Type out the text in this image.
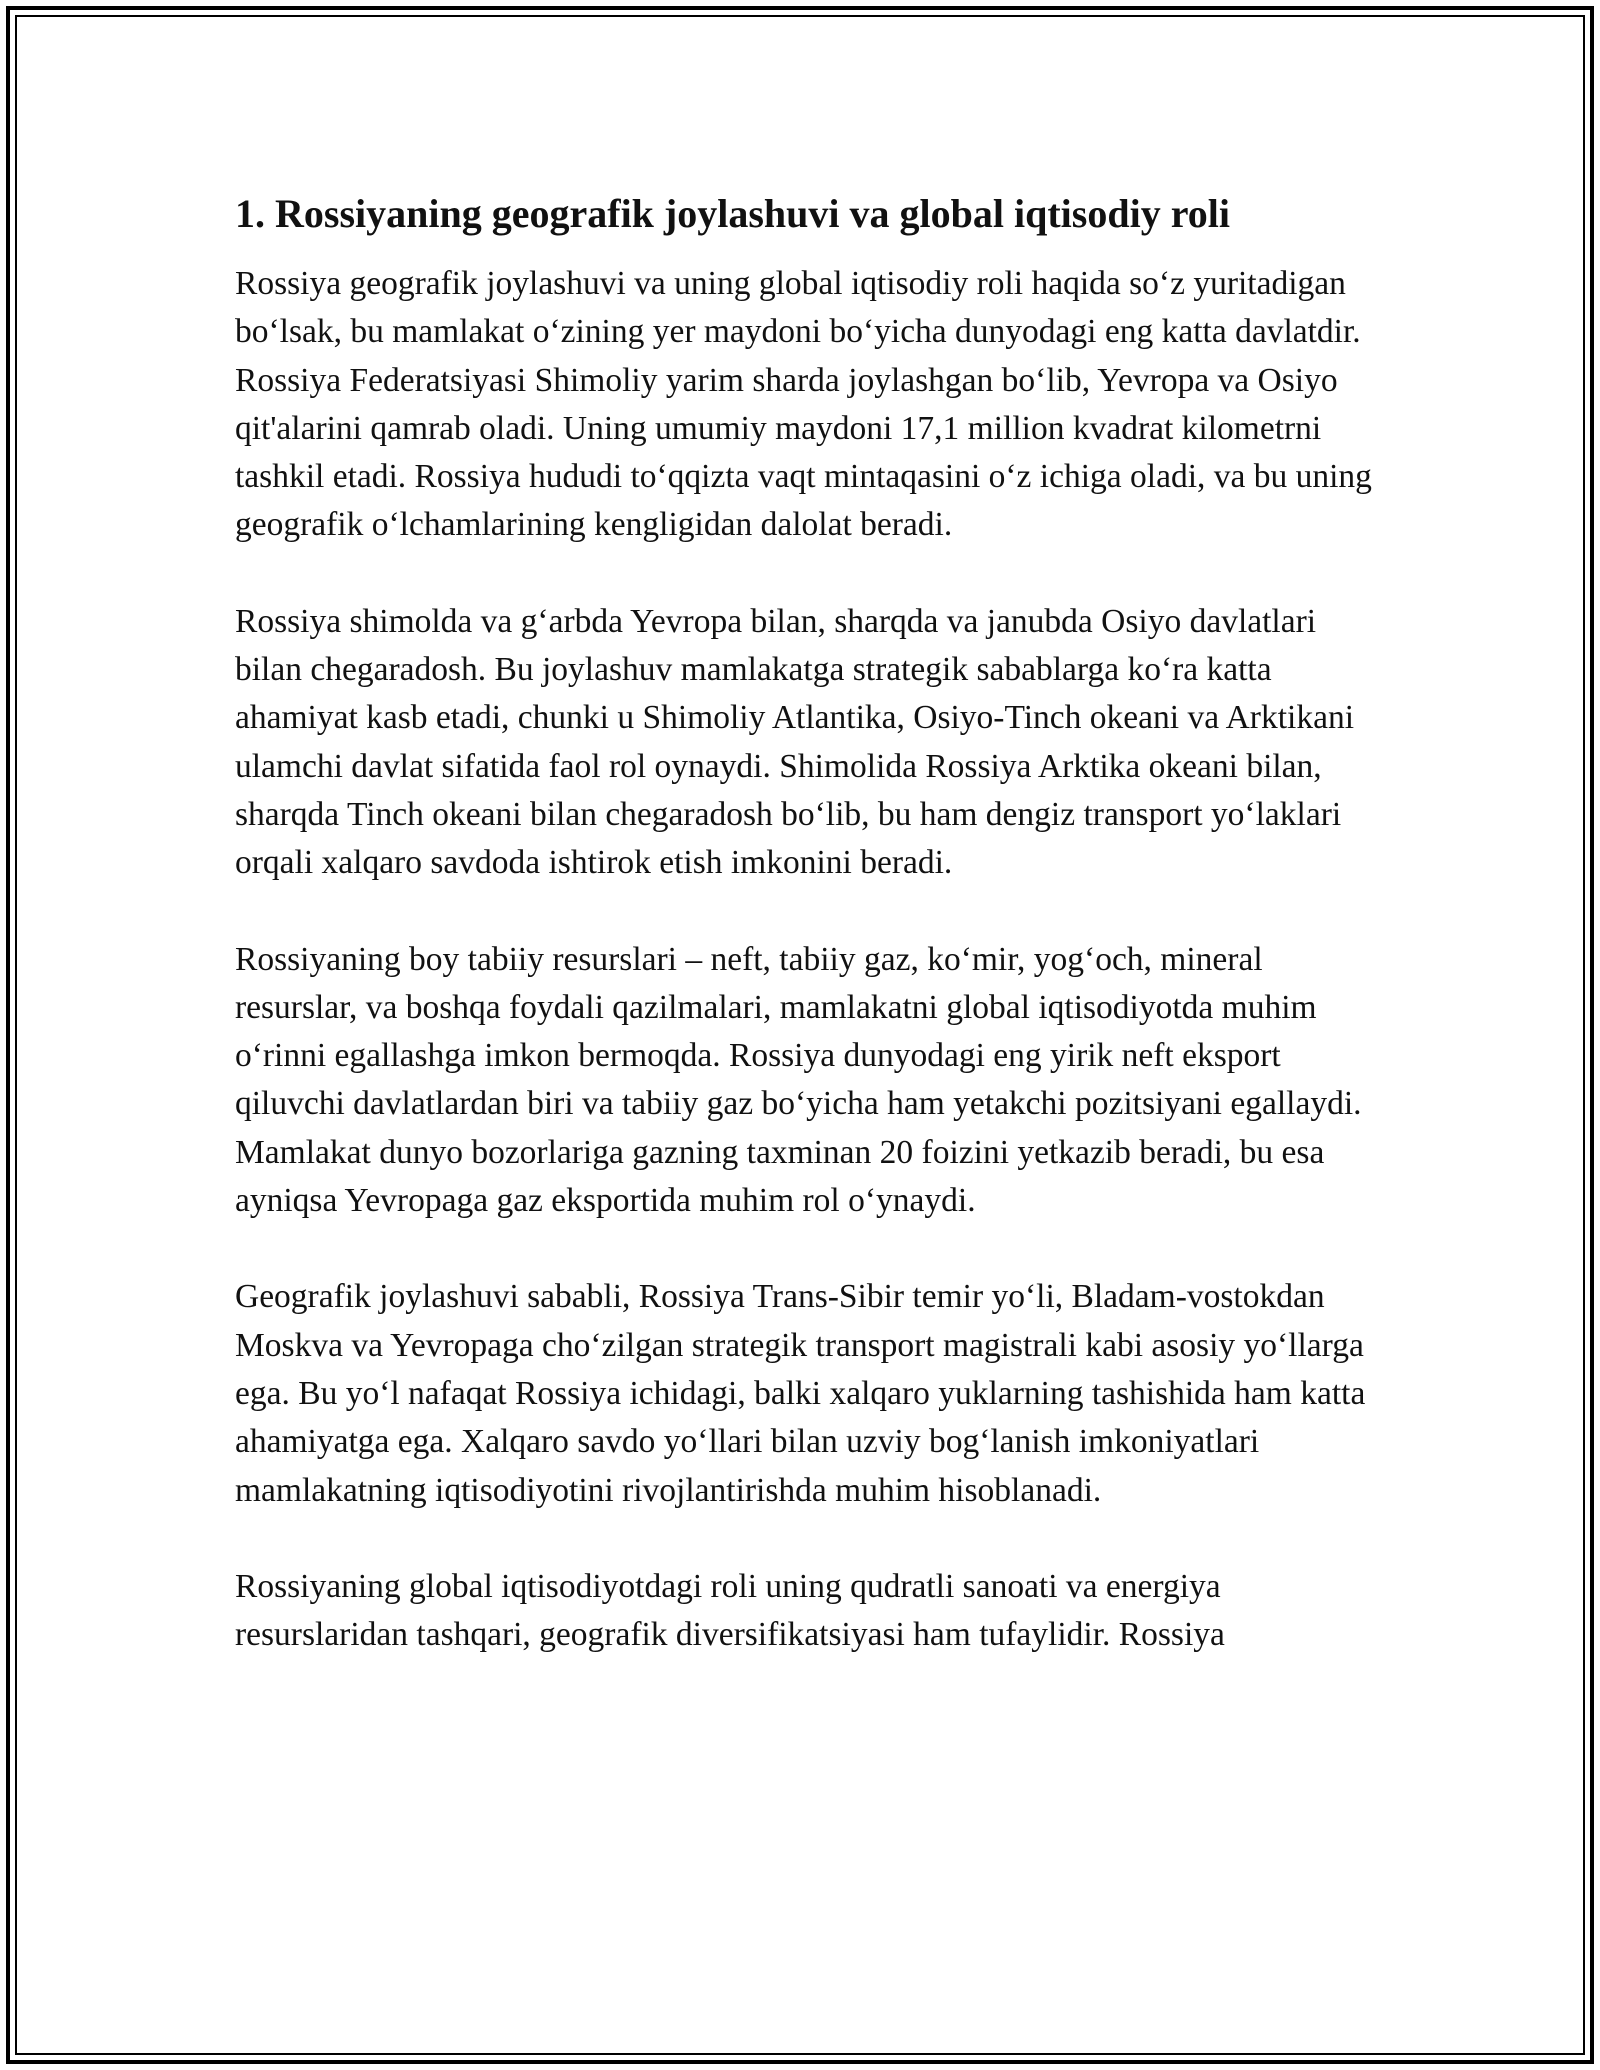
1. Rossiyaning geografik joylashuvi va global iqtisodiy roli

Rossiya geografik joylashuvi va uning global iqtisodiy roli haqida so‘z yuritadigan bo‘lsak, bu mamlakat o‘zining yer maydoni bo‘yicha dunyodagi eng katta davlatdir. Rossiya Federatsiyasi Shimoliy yarim sharda joylashgan bo‘lib, Yevropa va Osiyo qit'alarini qamrab oladi. Uning umumiy maydoni 17,1 million kvadrat kilometrni tashkil etadi. Rossiya hududi to‘qqizta vaqt mintaqasini o‘z ichiga oladi, va bu uning geografik o‘lchamlarining kengligidan dalolat beradi.

Rossiya shimolda va g‘arbda Yevropa bilan, sharqda va janubda Osiyo davlatlari bilan chegaradosh. Bu joylashuv mamlakatga strategik sabablarga ko‘ra katta ahamiyat kasb etadi, chunki u Shimoliy Atlantika, Osiyo-Tinch okeani va Arktikani ulamchi davlat sifatida faol rol oynaydi. Shimolida Rossiya Arktika okeani bilan, sharqda Tinch okeani bilan chegaradosh bo‘lib, bu ham dengiz transport yo‘laklari orqali xalqaro savdoda ishtirok etish imkonini beradi.

Rossiyaning boy tabiiy resurslari – neft, tabiiy gaz, ko‘mir, yog‘och, mineral resurslar, va boshqa foydali qazilmalari, mamlakatni global iqtisodiyotda muhim o‘rinni egallashga imkon bermoqda. Rossiya dunyodagi eng yirik neft eksport qiluvchi davlatlardan biri va tabiiy gaz bo‘yicha ham yetakchi pozitsiyani egallaydi. Mamlakat dunyo bozorlariga gazning taxminan 20 foizini yetkazib beradi, bu esa ayniqsa Yevropaga gaz eksportida muhim rol o‘ynaydi.

Geografik joylashuvi sababli, Rossiya Trans-Sibir temir yo‘li, Bladam-vostokdan Moskva va Yevropaga cho‘zilgan strategik transport magistrali kabi asosiy yo‘llarga ega. Bu yo‘l nafaqat Rossiya ichidagi, balki xalqaro yuklarning tashishida ham katta ahamiyatga ega. Xalqaro savdo yo‘llari bilan uzviy bog‘lanish imkoniyatlari mamlakatning iqtisodiyotini rivojlantirishda muhim hisoblanadi.

Rossiyaning global iqtisodiyotdagi roli uning qudratli sanoati va energiya resurslaridan tashqari, geografik diversifikatsiyasi ham tufaylidir. Rossiya
